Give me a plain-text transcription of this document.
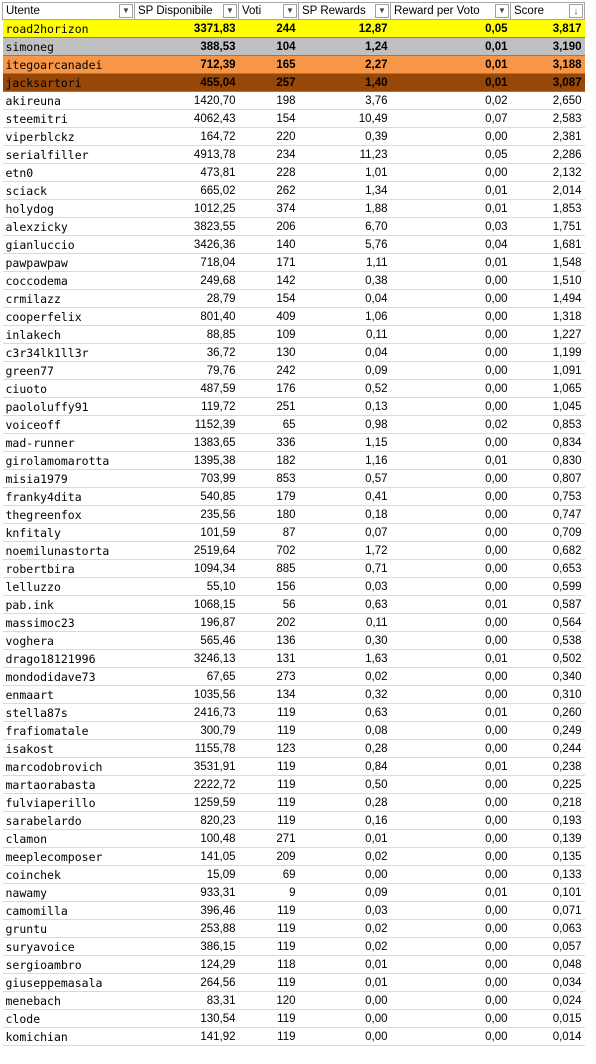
Utente ▼	SP Disponibile ▼	Voti ▼	SP Rewards ▼	Reward per Voto ▼	Score ↓

road2horizon	3371,83	244	12,87	0,05	3,817
simoneg	388,53	104	1,24	0,01	3,190
itegoarcanadei	712,39	165	2,27	0,01	3,188
jacksartori	455,04	257	1,40	0,01	3,087
akireuna	1420,70	198	3,76	0,02	2,650
steemitri	4062,43	154	10,49	0,07	2,583
viperblckz	164,72	220	0,39	0,00	2,381
serialfiller	4913,78	234	11,23	0,05	2,286
etn0	473,81	228	1,01	0,00	2,132
sciack	665,02	262	1,34	0,01	2,014
holydog	1012,25	374	1,88	0,01	1,853
alexzicky	3823,55	206	6,70	0,03	1,751
gianluccio	3426,36	140	5,76	0,04	1,681
pawpawpaw	718,04	171	1,11	0,01	1,548
coccodema	249,68	142	0,38	0,00	1,510
crmilazz	28,79	154	0,04	0,00	1,494
cooperfelix	801,40	409	1,06	0,00	1,318
inlakech	88,85	109	0,11	0,00	1,227
c3r34lk1ll3r	36,72	130	0,04	0,00	1,199
green77	79,76	242	0,09	0,00	1,091
ciuoto	487,59	176	0,52	0,00	1,065
paololuffy91	119,72	251	0,13	0,00	1,045
voiceoff	1152,39	65	0,98	0,02	0,853
mad-runner	1383,65	336	1,15	0,00	0,834
girolamomarotta	1395,38	182	1,16	0,01	0,830
misia1979	703,99	853	0,57	0,00	0,807
franky4dita	540,85	179	0,41	0,00	0,753
thegreenfox	235,56	180	0,18	0,00	0,747
knfitaly	101,59	87	0,07	0,00	0,709
noemilunastorta	2519,64	702	1,72	0,00	0,682
robertbira	1094,34	885	0,71	0,00	0,653
lelluzzo	55,10	156	0,03	0,00	0,599
pab.ink	1068,15	56	0,63	0,01	0,587
massimoc23	196,87	202	0,11	0,00	0,564
voghera	565,46	136	0,30	0,00	0,538
drago18121996	3246,13	131	1,63	0,01	0,502
mondodidave73	67,65	273	0,02	0,00	0,340
enmaart	1035,56	134	0,32	0,00	0,310
stella87s	2416,73	119	0,63	0,01	0,260
frafiomatale	300,79	119	0,08	0,00	0,249
isakost	1155,78	123	0,28	0,00	0,244
marcodobrovich	3531,91	119	0,84	0,01	0,238
martaorabasta	2222,72	119	0,50	0,00	0,225
fulviaperillo	1259,59	119	0,28	0,00	0,218
sarabelardo	820,23	119	0,16	0,00	0,193
clamon	100,48	271	0,01	0,00	0,139
meeplecomposer	141,05	209	0,02	0,00	0,135
coinchek	15,09	69	0,00	0,00	0,133
nawamy	933,31	9	0,09	0,01	0,101
camomilla	396,46	119	0,03	0,00	0,071
gruntu	253,88	119	0,02	0,00	0,063
suryavoice	386,15	119	0,02	0,00	0,057
sergioambro	124,29	118	0,01	0,00	0,048
giuseppemasala	264,56	119	0,01	0,00	0,034
menebach	83,31	120	0,00	0,00	0,024
clode	130,54	119	0,00	0,00	0,015
komichian	141,92	119	0,00	0,00	0,014
